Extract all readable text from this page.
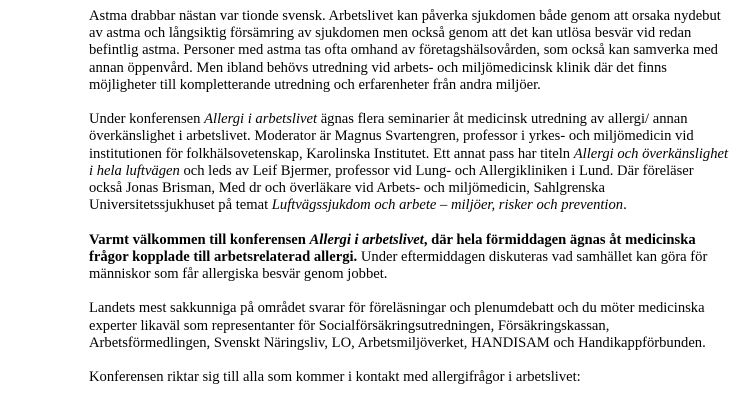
Astma drabbar nästan var tionde svensk. Arbetslivet kan påverka sjukdomen både genom att orsaka nydebut av astma och långsiktig försämring av sjukdomen men också genom att det kan utlösa besvär vid redan befintlig astma. Personer med astma tas ofta omhand av företagshälsovården, som också kan samverka med annan öppenvård. Men ibland behövs utredning vid arbets- och miljömedicinsk klinik där det finns möjligheter till kompletterande utredning och erfarenheter från andra miljöer.

Under konferensen Allergi i arbetslivet ägnas flera seminarier åt medicinsk utredning av allergi/ annan överkänslighet i arbetslivet. Moderator är Magnus Svartengren, professor i yrkes- och miljömedicin vid institutionen för folkhälsovetenskap, Karolinska Institutet. Ett annat pass har titeln Allergi och överkänslighet i hela luftvägen och leds av Leif Bjermer, professor vid Lung- och Allergikliniken i Lund. Där föreläser också Jonas Brisman, Med dr och överläkare vid Arbets- och miljömedicin, Sahlgrenska Universitetssjukhuset på temat Luftvägssjukdom och arbete – miljöer, risker och prevention.

Varmt välkommen till konferensen Allergi i arbetslivet, där hela förmiddagen ägnas åt medicinska frågor kopplade till arbetsrelaterad allergi. Under eftermiddagen diskuteras vad samhället kan göra för människor som får allergiska besvär genom jobbet.

Landets mest sakkunniga på området svarar för föreläsningar och plenumdebatt och du möter medicinska experter likaväl som representanter för Socialförsäkringsutredningen, Försäkringskassan, Arbetsförmedlingen, Svenskt Näringsliv, LO, Arbetsmiljöverket, HANDISAM och Handikappförbunden.

Konferensen riktar sig till alla som kommer i kontakt med allergifrågor i arbetslivet:
